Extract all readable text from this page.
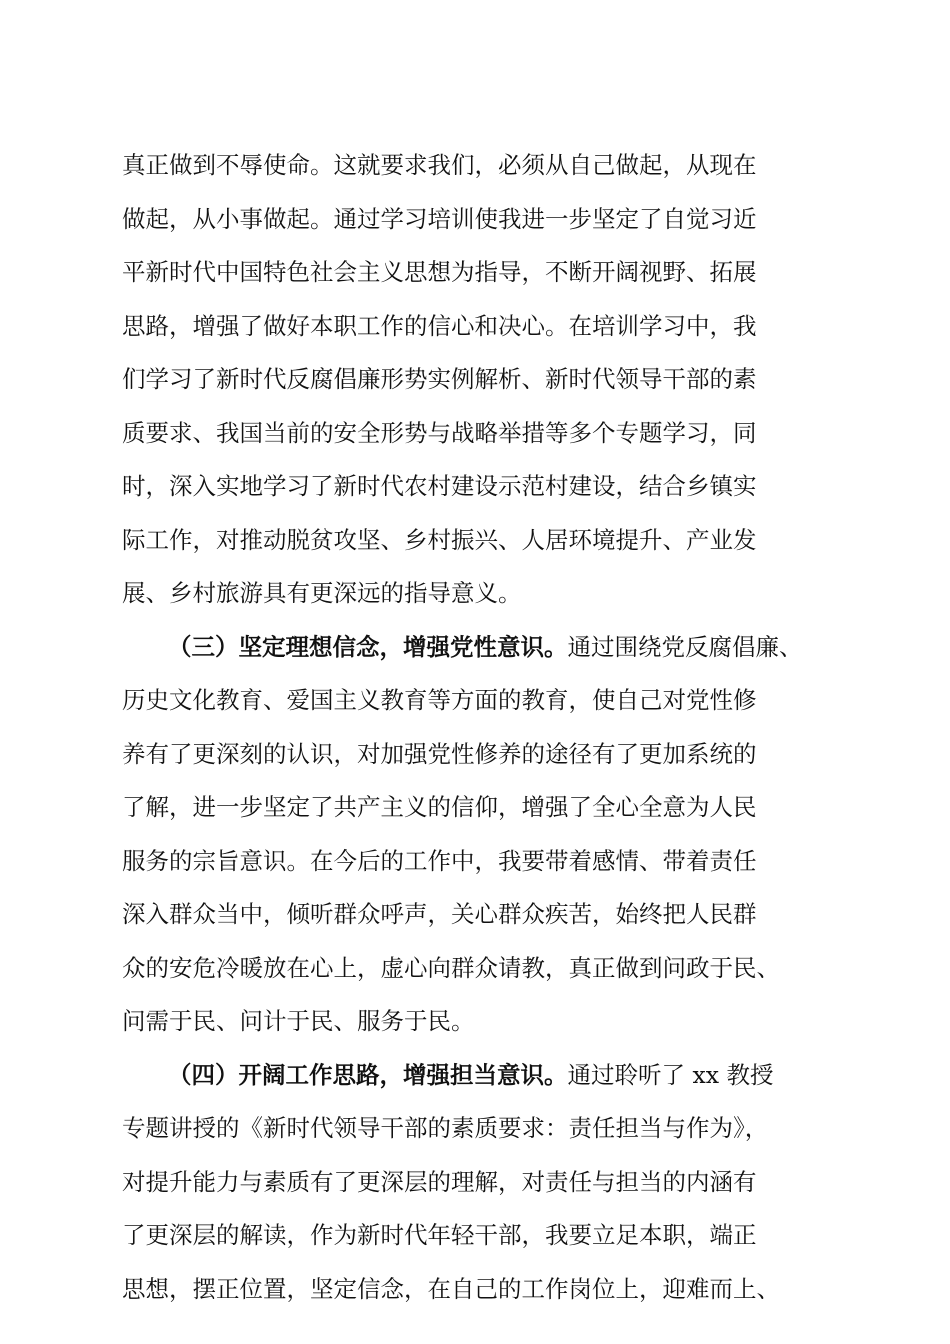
真正做到不辱使命。这就要求我们，必须从自己做起，从现在
做起，从小事做起。通过学习培训使我进一步坚定了自觉习近
平新时代中国特色社会主义思想为指导，不断开阔视野、拓展
思路，增强了做好本职工作的信心和决心。在培训学习中，我
们学习了新时代反腐倡廉形势实例解析、新时代领导干部的素
质要求、我国当前的安全形势与战略举措等多个专题学习，同
时，深入实地学习了新时代农村建设示范村建设，结合乡镇实
际工作，对推动脱贫攻坚、乡村振兴、人居环境提升、产业发
展、乡村旅游具有更深远的指导意义。
（三）坚定理想信念，增强党性意识。通过围绕党反腐倡廉、
历史文化教育、爱国主义教育等方面的教育，使自己对党性修
养有了更深刻的认识，对加强党性修养的途径有了更加系统的
了解，进一步坚定了共产主义的信仰，增强了全心全意为人民
服务的宗旨意识。在今后的工作中，我要带着感情、带着责任
深入群众当中，倾听群众呼声，关心群众疾苦，始终把人民群
众的安危冷暖放在心上，虚心向群众请教，真正做到问政于民、
问需于民、问计于民、服务于民。
（四）开阔工作思路，增强担当意识。通过聆听了 xx 教授
专题讲授的《新时代领导干部的素质要求：责任担当与作为》，
对提升能力与素质有了更深层的理解，对责任与担当的内涵有
了更深层的解读，作为新时代年轻干部，我要立足本职，端正
思想，摆正位置，坚定信念，在自己的工作岗位上，迎难而上、
